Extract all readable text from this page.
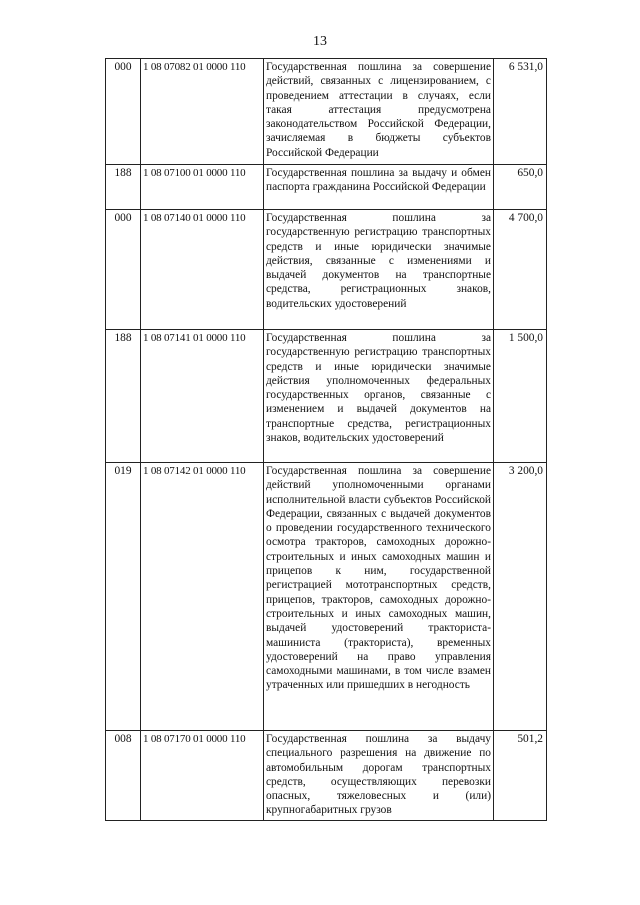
13
000	1 08 07082 01 0000 110	Государственная пошлина за совершение действий, связанных с лицензированием, с проведением аттестации в случаях, если такая аттестация предусмотрена законодательством Российской Федерации, зачисляемая в бюджеты субъектов Российской Федерации	6 531,0
188	1 08 07100 01 0000 110	Государственная пошлина за выдачу и обмен паспорта гражданина Российской Федерации	650,0
000	1 08 07140 01 0000 110	Государственная пошлина за государственную регистрацию транспортных средств и иные юридически значимые действия, связанные с изменениями и выдачей документов на транспортные средства, регистрационных знаков, водительских удостоверений	4 700,0
188	1 08 07141 01 0000 110	Государственная пошлина за государственную регистрацию транспортных средств и иные юридически значимые действия уполномоченных федеральных государственных органов, связанные с изменением и выдачей документов на транспортные средства, регистрационных знаков, водительских удостоверений	1 500,0
019	1 08 07142 01 0000 110	Государственная пошлина за совершение действий уполномоченными органами исполнительной власти субъектов Российской Федерации, связанных с выдачей документов о проведении государственного технического осмотра тракторов, самоходных дорожно-строительных и иных самоходных машин и прицепов к ним, государственной регистрацией мототранспортных средств, прицепов, тракторов, самоходных дорожно-строительных и иных самоходных машин, выдачей удостоверений тракториста-машиниста (тракториста), временных удостоверений на право управления самоходными машинами, в том числе взамен утраченных или пришедших в негодность	3 200,0
008	1 08 07170 01 0000 110	Государственная пошлина за выдачу специального разрешения на движение по автомобильным дорогам транспортных средств, осуществляющих перевозки опасных, тяжеловесных и (или) крупногабаритных грузов	501,2
